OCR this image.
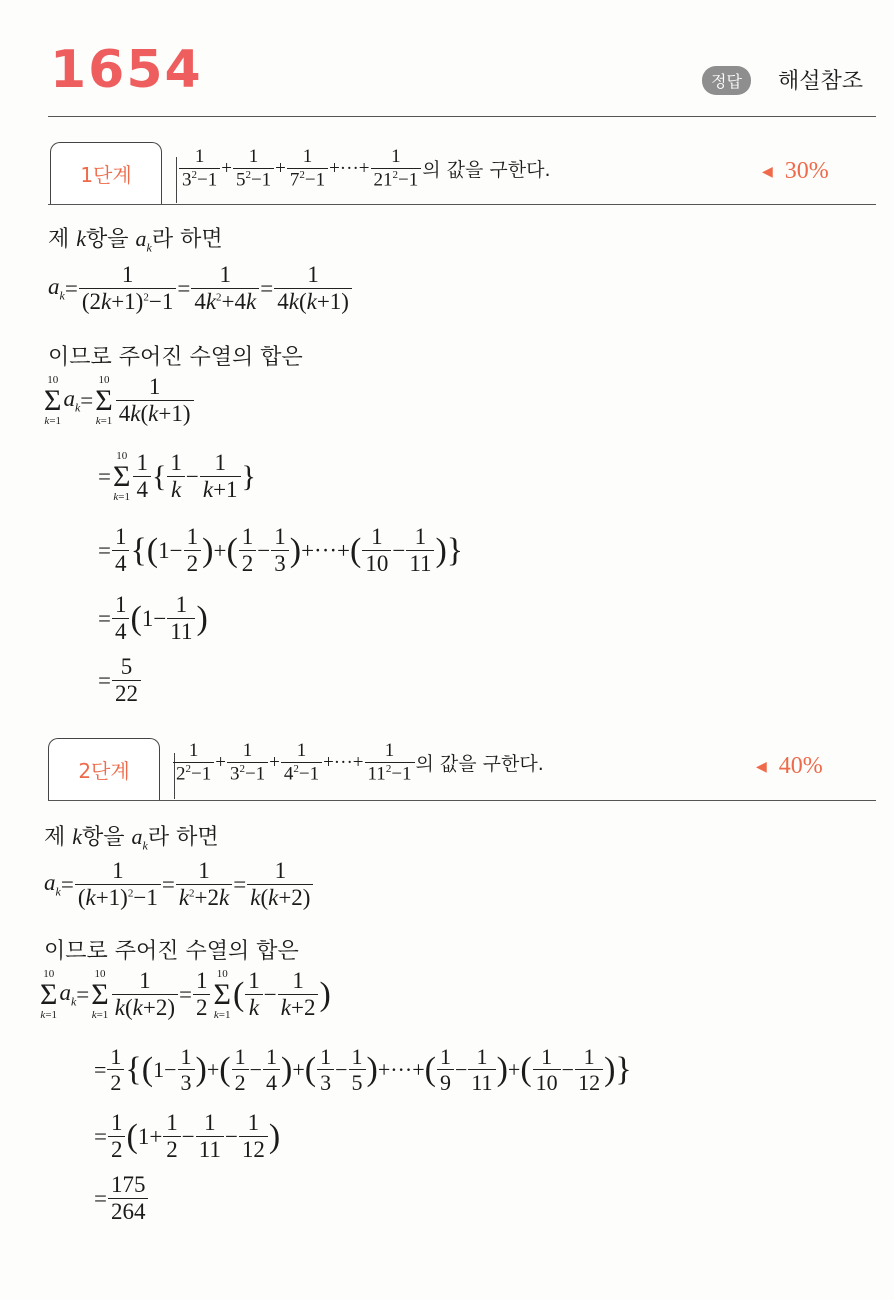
1654	정답	해설참조
1단계	$\frac{1}{3^2-1} + \frac{1}{5^2-1} + \frac{1}{7^2-1}$ +···+ $\frac{1}{21^2-1}$ 의 값을 구한다.	◀ 30%
제 k항을 $a_k$라 하면
$a_k = \frac{1}{(2k+1)^2-1} = \frac{1}{4k^2+4k} = \frac{1}{4k(k+1)}$
이므로 주어진 수열의 합은
10
Σ
k=1
$a_k$ =
10
Σ
$k=1 \frac{1}{4k(k+1)}$
=
10
Σ
$k=1 \frac{1}{4}$ { $\frac{1}{k} - \frac{1}{k+1}$ }
= $\frac{1}{4}$ {( $1- \frac{1}{2}$ ) + ( $\frac{1}{2} - \frac{1}{3}$ ) +···+ ( $\frac{1}{10} - \frac{1}{11}$ )}
= $\frac{1}{4}$ ( $1- \frac{1}{11}$ )
= $\frac{5}{22}$
2단계	$\frac{1}{2^2-1} + \frac{1}{3^2-1} + \frac{1}{4^2-1}$ +···+ $\frac{1}{11^2-1}$ 의 값을 구한다.	◀ 40%
제 k항을 $a_k$라 하면
$a_k = \frac{1}{(k+1)^2-1} = \frac{1}{k^2+2k} = \frac{1}{k(k+2)}$
이므로 주어진 수열의 합은
10
Σ
k=1
$a_k$ =
10
Σ
$k=1 \frac{1}{k(k+2)} = \frac{1}{2} 10$
Σ
k=1
( $\frac{1}{k} - \frac{1}{k+2}$ )
= $\frac{1}{2}$ {( $1- \frac{1}{3}$ ) + ( $\frac{1}{2} - \frac{1}{4}$ ) + ( $\frac{1}{3} - \frac{1}{5}$ ) +···+ ( $\frac{1}{9} - \frac{1}{11}$ ) + ( $\frac{1}{10} - \frac{1}{12}$ )}
= $\frac{1}{2}$ ( $1+ \frac{1}{2} - \frac{1}{11} - \frac{1}{12}$ )
= $\frac{175}{264}$
